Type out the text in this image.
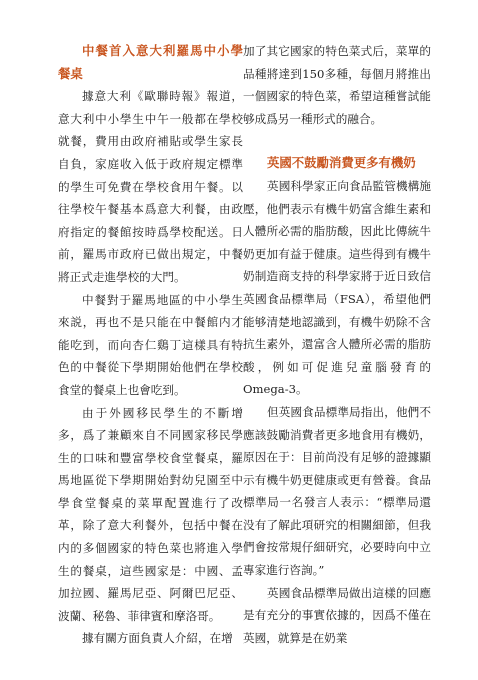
中餐首入意大利羅馬中小學餐桌

據意大利《歐聯時報》報道，意大利中小學生中午一般都在學校就餐，費用由政府補貼或學生家長自負，家庭收入低于政府規定標準的學生可免費在學校食用午餐。以往學校午餐基本爲意大利餐，由政府指定的餐館按時爲學校配送。日前，羅馬市政府已做出規定，中餐將正式走進學校的大門。

中餐對于羅馬地區的中小學生來説，再也不是只能在中餐館内才能吃到，而向杏仁鷄丁這樣具有特色的中餐從下學期開始他們在學校食堂的餐桌上也會吃到。

由于外國移民學生的不斷增多，爲了兼顧來自不同國家移民學生的口味和豐富學校食堂餐桌，羅馬地區從下學期開始對幼兒園至中學食堂餐桌的菜單配置進行了改革，除了意大利餐外，包括中餐在内的多個國家的特色菜也將進入學生的餐桌，這些國家是：中國、孟加拉國、羅馬尼亞、阿爾巴尼亞、波蘭、秘魯、菲律賓和摩洛哥。

據有關方面負責人介紹，在增

加了其它國家的特色菜式后，菜單的品種將達到150多種，每個月將推出一個國家的特色菜，希望這種嘗試能够成爲另一種形式的融合。

英國不鼓勵消費更多有機奶

英國科學家正向食品監管機構施壓，他們表示有機牛奶富含維生素和人體所必需的脂肪酸，因此比傳統牛奶更加有益于健康。這些得到有機牛奶制造商支持的科學家將于近日致信英國食品標準局（FSA），希望他們能够清楚地認識到，有機牛奶除不含抗生素外，還富含人體所必需的脂肪酸，例如可促進兒童腦發育的Omega-3。

但英國食品標準局指出，他們不應該鼓勵消費者更多地食用有機奶，原因在于：目前尚没有足够的證據顯示有機牛奶更健康或更有營養。食品標準局一名發言人表示：“標準局還没有了解此項研究的相關細節，但我們會按常規仔細研究，必要時向中立專家進行咨詢。”

英國食品標準局做出這樣的回應是有充分的事實依據的，因爲不僅在英國，就算是在奶業
